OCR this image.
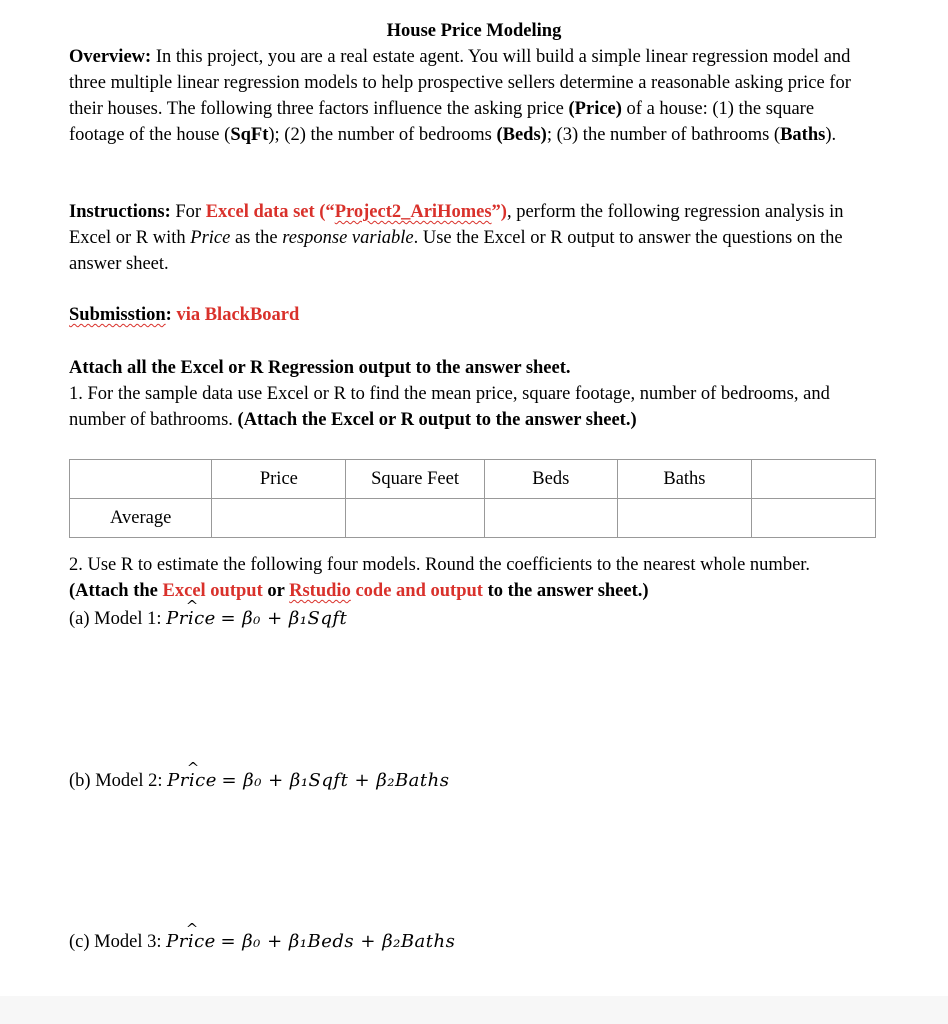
House Price Modeling
Overview: In this project, you are a real estate agent. You will build a simple linear regression model and three multiple linear regression models to help prospective sellers determine a reasonable asking price for their houses. The following three factors influence the asking price (Price) of a house: (1) the square footage of the house (SqFt); (2) the number of bedrooms (Beds); (3) the number of bathrooms (Baths).
Instructions: For Excel data set (“Project2_AriHomes”), perform the following regression analysis in Excel or R with Price as the response variable. Use the Excel or R output to answer the questions on the answer sheet.
Submisstion: via BlackBoard
Attach all the Excel or R Regression output to the answer sheet.
1. For the sample data use Excel or R to find the mean price, square footage, number of bedrooms, and number of bathrooms. (Attach the Excel or R output to the answer sheet.)
	Price	Square Feet	Beds	Baths	
Average					
2. Use R to estimate the following four models. Round the coefficients to the nearest whole number. (Attach the Excel output or Rstudio code and output to the answer sheet.)
(a) Model 1: ^ Price = β₀ + β₁Sqft
(b) Model 2: ^ Price = β₀ + β₁Sqft + β₂Baths
(c) Model 3: ^ Price = β₀ + β₁Beds + β₂Baths
